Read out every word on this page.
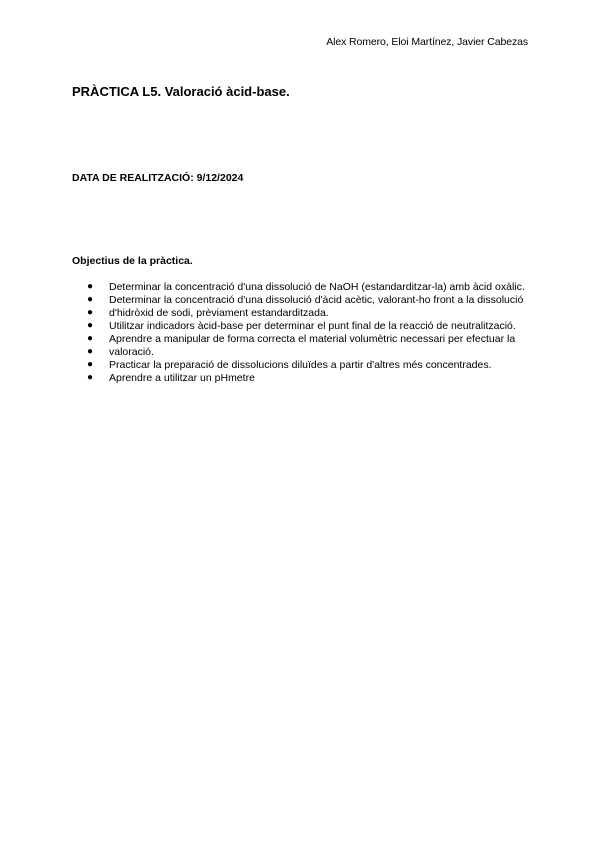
Alex Romero, Eloi Martínez, Javier Cabezas
PRÀCTICA L5. Valoració àcid-base.
DATA DE REALITZACIÓ: 9/12/2024
Objectius de la pràctica.
● Determinar la concentració d'una dissolució de NaOH (estandarditzar-la) amb àcid oxàlic.
● Determinar la concentració d'una dissolució d'àcid acètic, valorant-ho front a la dissolució
● d'hidròxid de sodi, prèviament estandarditzada.
● Utilitzar indicadors àcid-base per determinar el punt final de la reacció de neutralització.
● Aprendre a manipular de forma correcta el material volumètric necessari per efectuar la
● valoració.
● Practicar la preparació de dissolucions diluïdes a partir d'altres més concentrades.
● Aprendre a utilitzar un pHmetre
